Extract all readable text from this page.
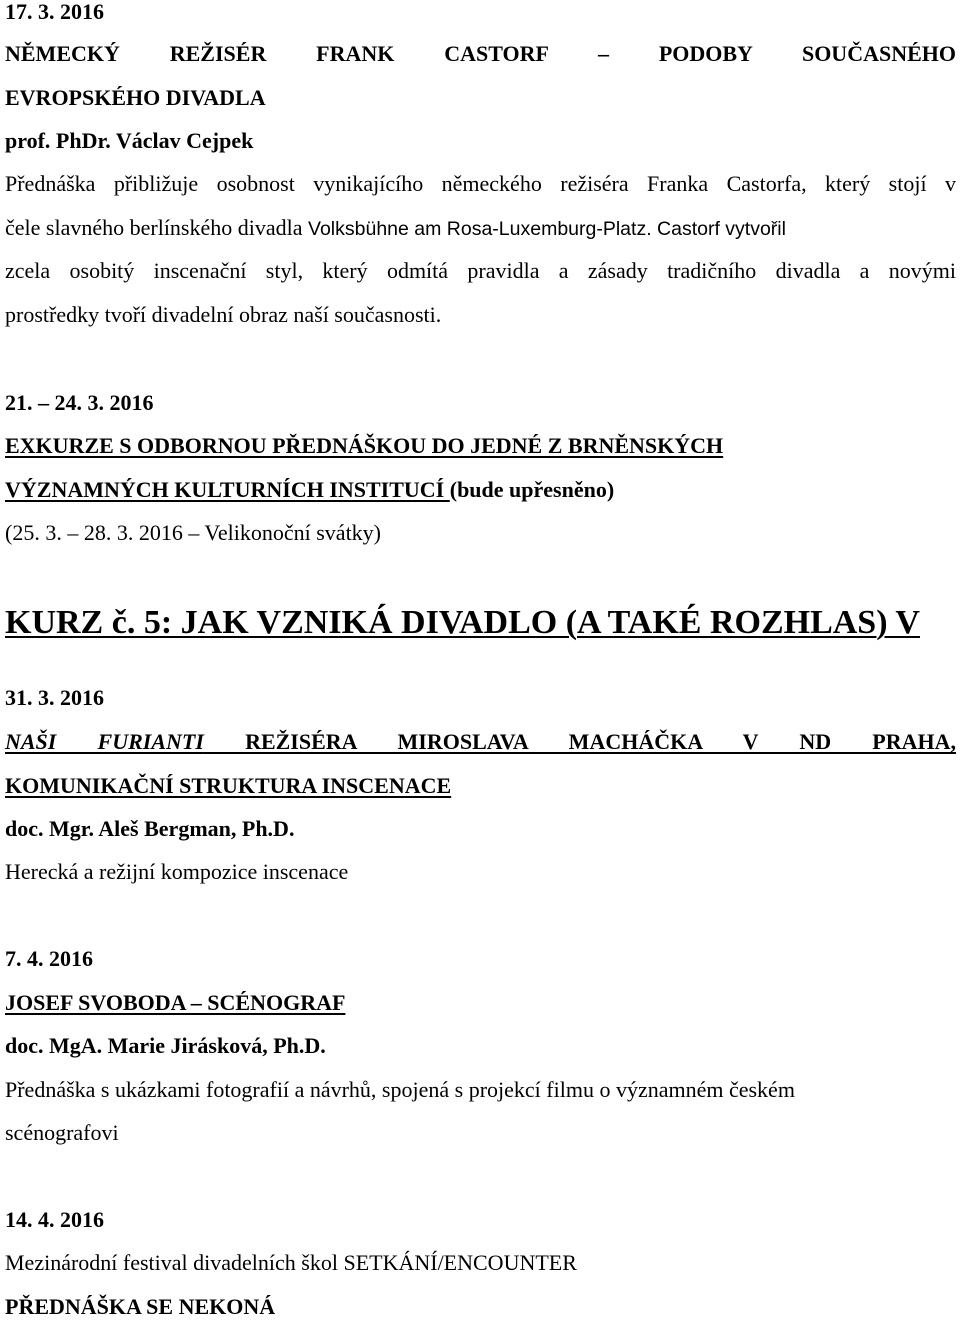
17. 3. 2016
NĚMECKÝ REŽISÉR FRANK CASTORF – PODOBY SOUČASNÉHO
EVROPSKÉHO DIVADLA
prof. PhDr. Václav Cejpek
Přednáška přibližuje osobnost vynikajícího německého režiséra Franka Castorfa, který stojí v
čele slavného berlínského divadla Volksbühne am Rosa-Luxemburg-Platz. Castorf vytvořil
zcela osobitý inscenační styl, který odmítá pravidla a zásady tradičního divadla a novými
prostředky tvoří divadelní obraz naší současnosti.
21. – 24. 3. 2016
EXKURZE S ODBORNOU PŘEDNÁŠKOU DO JEDNÉ Z BRNĚNSKÝCH
VÝZNAMNÝCH KULTURNÍCH INSTITUCÍ (bude upřesněno)
(25. 3. – 28. 3. 2016 – Velikonoční svátky)
KURZ č. 5: JAK VZNIKÁ DIVADLO (A TAKÉ ROZHLAS) V
31. 3. 2016
NAŠI FURIANTI REŽISÉRA MIROSLAVA MACHÁČKA V ND PRAHA,
KOMUNIKAČNÍ STRUKTURA INSCENACE
doc. Mgr. Aleš Bergman, Ph.D.
Herecká a režijní kompozice inscenace
7. 4. 2016
JOSEF SVOBODA – SCÉNOGRAF
doc. MgA. Marie Jirásková, Ph.D.
Přednáška s ukázkami fotografií a návrhů, spojená s projekcí filmu o významném českém
scénografovi
14. 4. 2016
Mezinárodní festival divadelních škol SETKÁNÍ/ENCOUNTER
PŘEDNÁŠKA SE NEKONÁ
